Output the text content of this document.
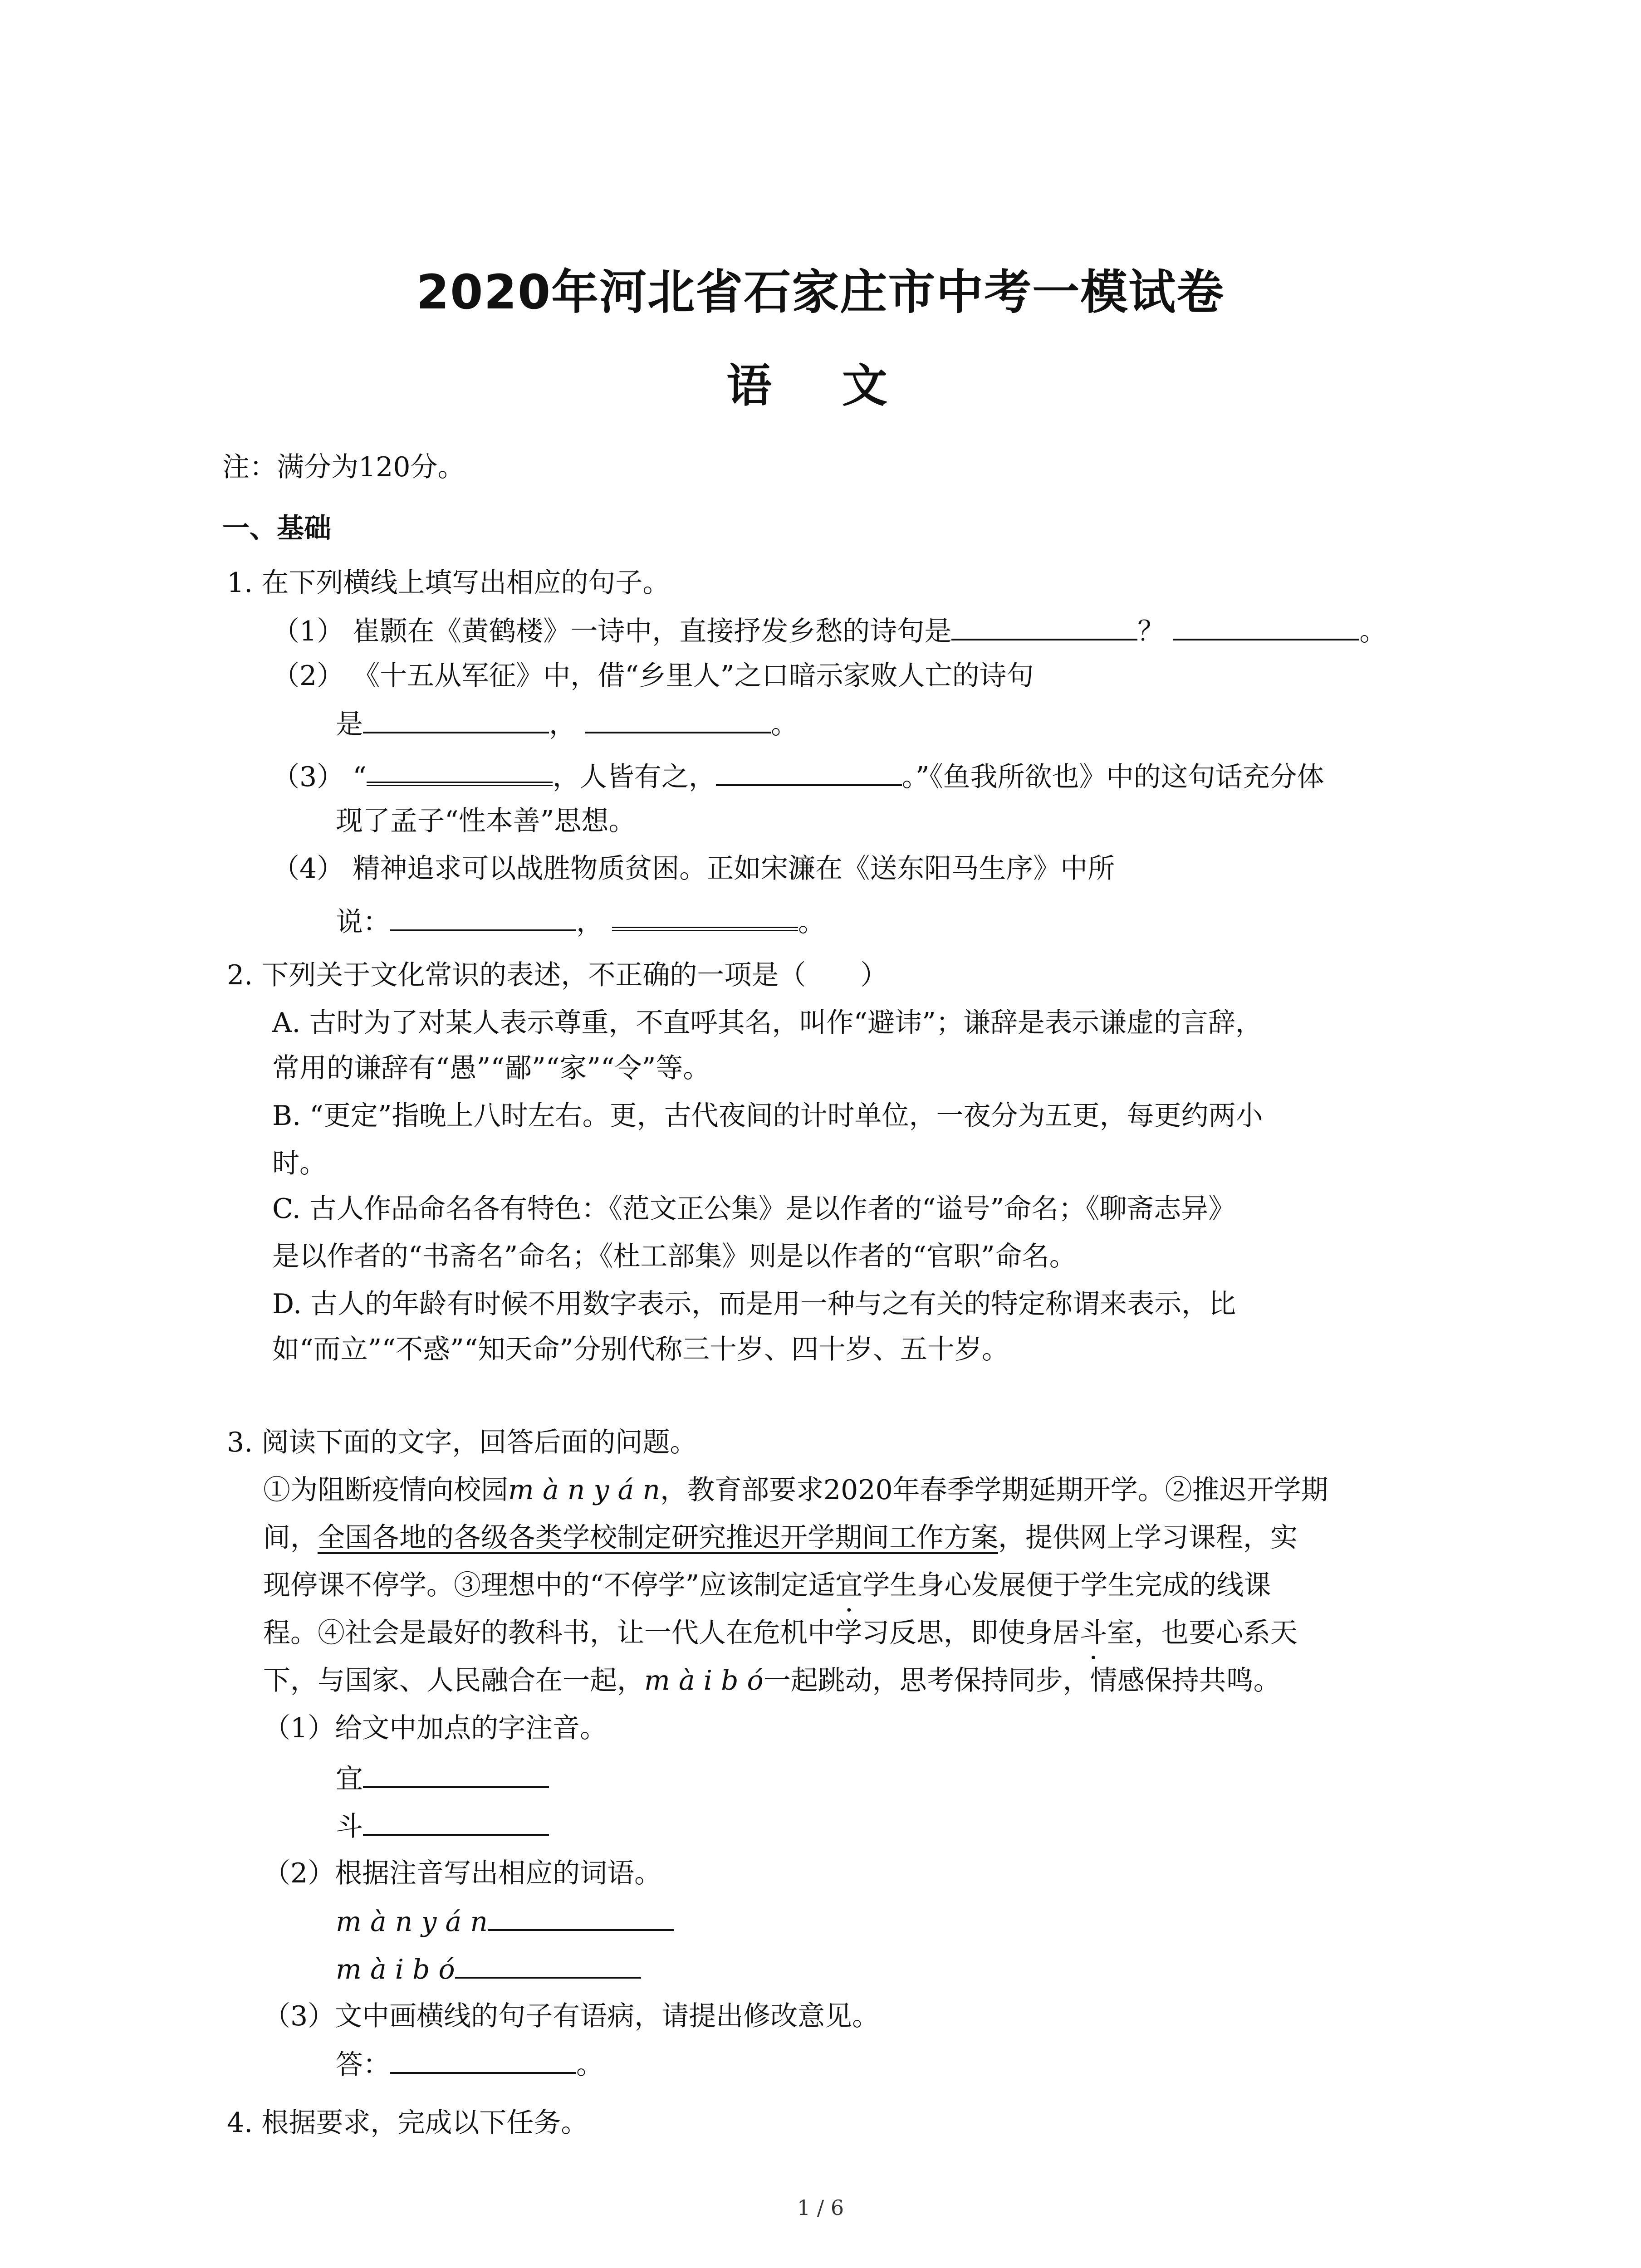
2020年河北省石家庄市中考一模试卷
语 文
注：满分为120分。
一、基础
1. 在下列横线上填写出相应的句子。
（1） 崔颢在《黄鹤楼》一诗中，直接抒发乡愁的诗句是	？	。
（2） 《十五从军征》中，借“乡里人”之口暗示家败人亡的诗句
是	，	。
（3） “	，人皆有之，	。”《鱼我所欲也》中的这句话充分体
现了孟子“性本善”思想。
（4） 精神追求可以战胜物质贫困。正如宋濂在《送东阳马生序》中所
说：	，	。
2. 下列关于文化常识的表述，不正确的一项是（　　）
A. 古时为了对某人表示尊重，不直呼其名，叫作“避讳”；谦辞是表示谦虚的言辞，
常用的谦辞有“愚”“鄙”“家”“令”等。
B. “更定”指晚上八时左右。更，古代夜间的计时单位，一夜分为五更，每更约两小
时。
C. 古人作品命名各有特色：《范文正公集》是以作者的“谥号”命名；《聊斋志异》
是以作者的“书斋名”命名；《杜工部集》则是以作者的“官职”命名。
D. 古人的年龄有时候不用数字表示，而是用一种与之有关的特定称谓来表示，比
如“而立”“不惑”“知天命”分别代称三十岁、四十岁、五十岁。
3. 阅读下面的文字，回答后面的问题。
①为阻断疫情向校园m à n y á n，教育部要求2020年春季学期延期开学。②推迟开学期
间，全国各地的各级各类学校制定研究推迟开学期间工作方案，提供网上学习课程，实
现停课不停学。③理想中的“不停学”应该制定适宜学生身心发展便于学生完成的线课
程。④社会是最好的教科书，让一代人在危机中学习反思，即使身居斗室，也要心系天
下，与国家、人民融合在一起，m à i b ó一起跳动，思考保持同步，情感保持共鸣。
（1）给文中加点的字注音。
宜
斗
（2）根据注音写出相应的词语。
m à n y á n
m à i b ó
（3）文中画横线的句子有语病，请提出修改意见。
答：	。
4. 根据要求，完成以下任务。
1 / 6
